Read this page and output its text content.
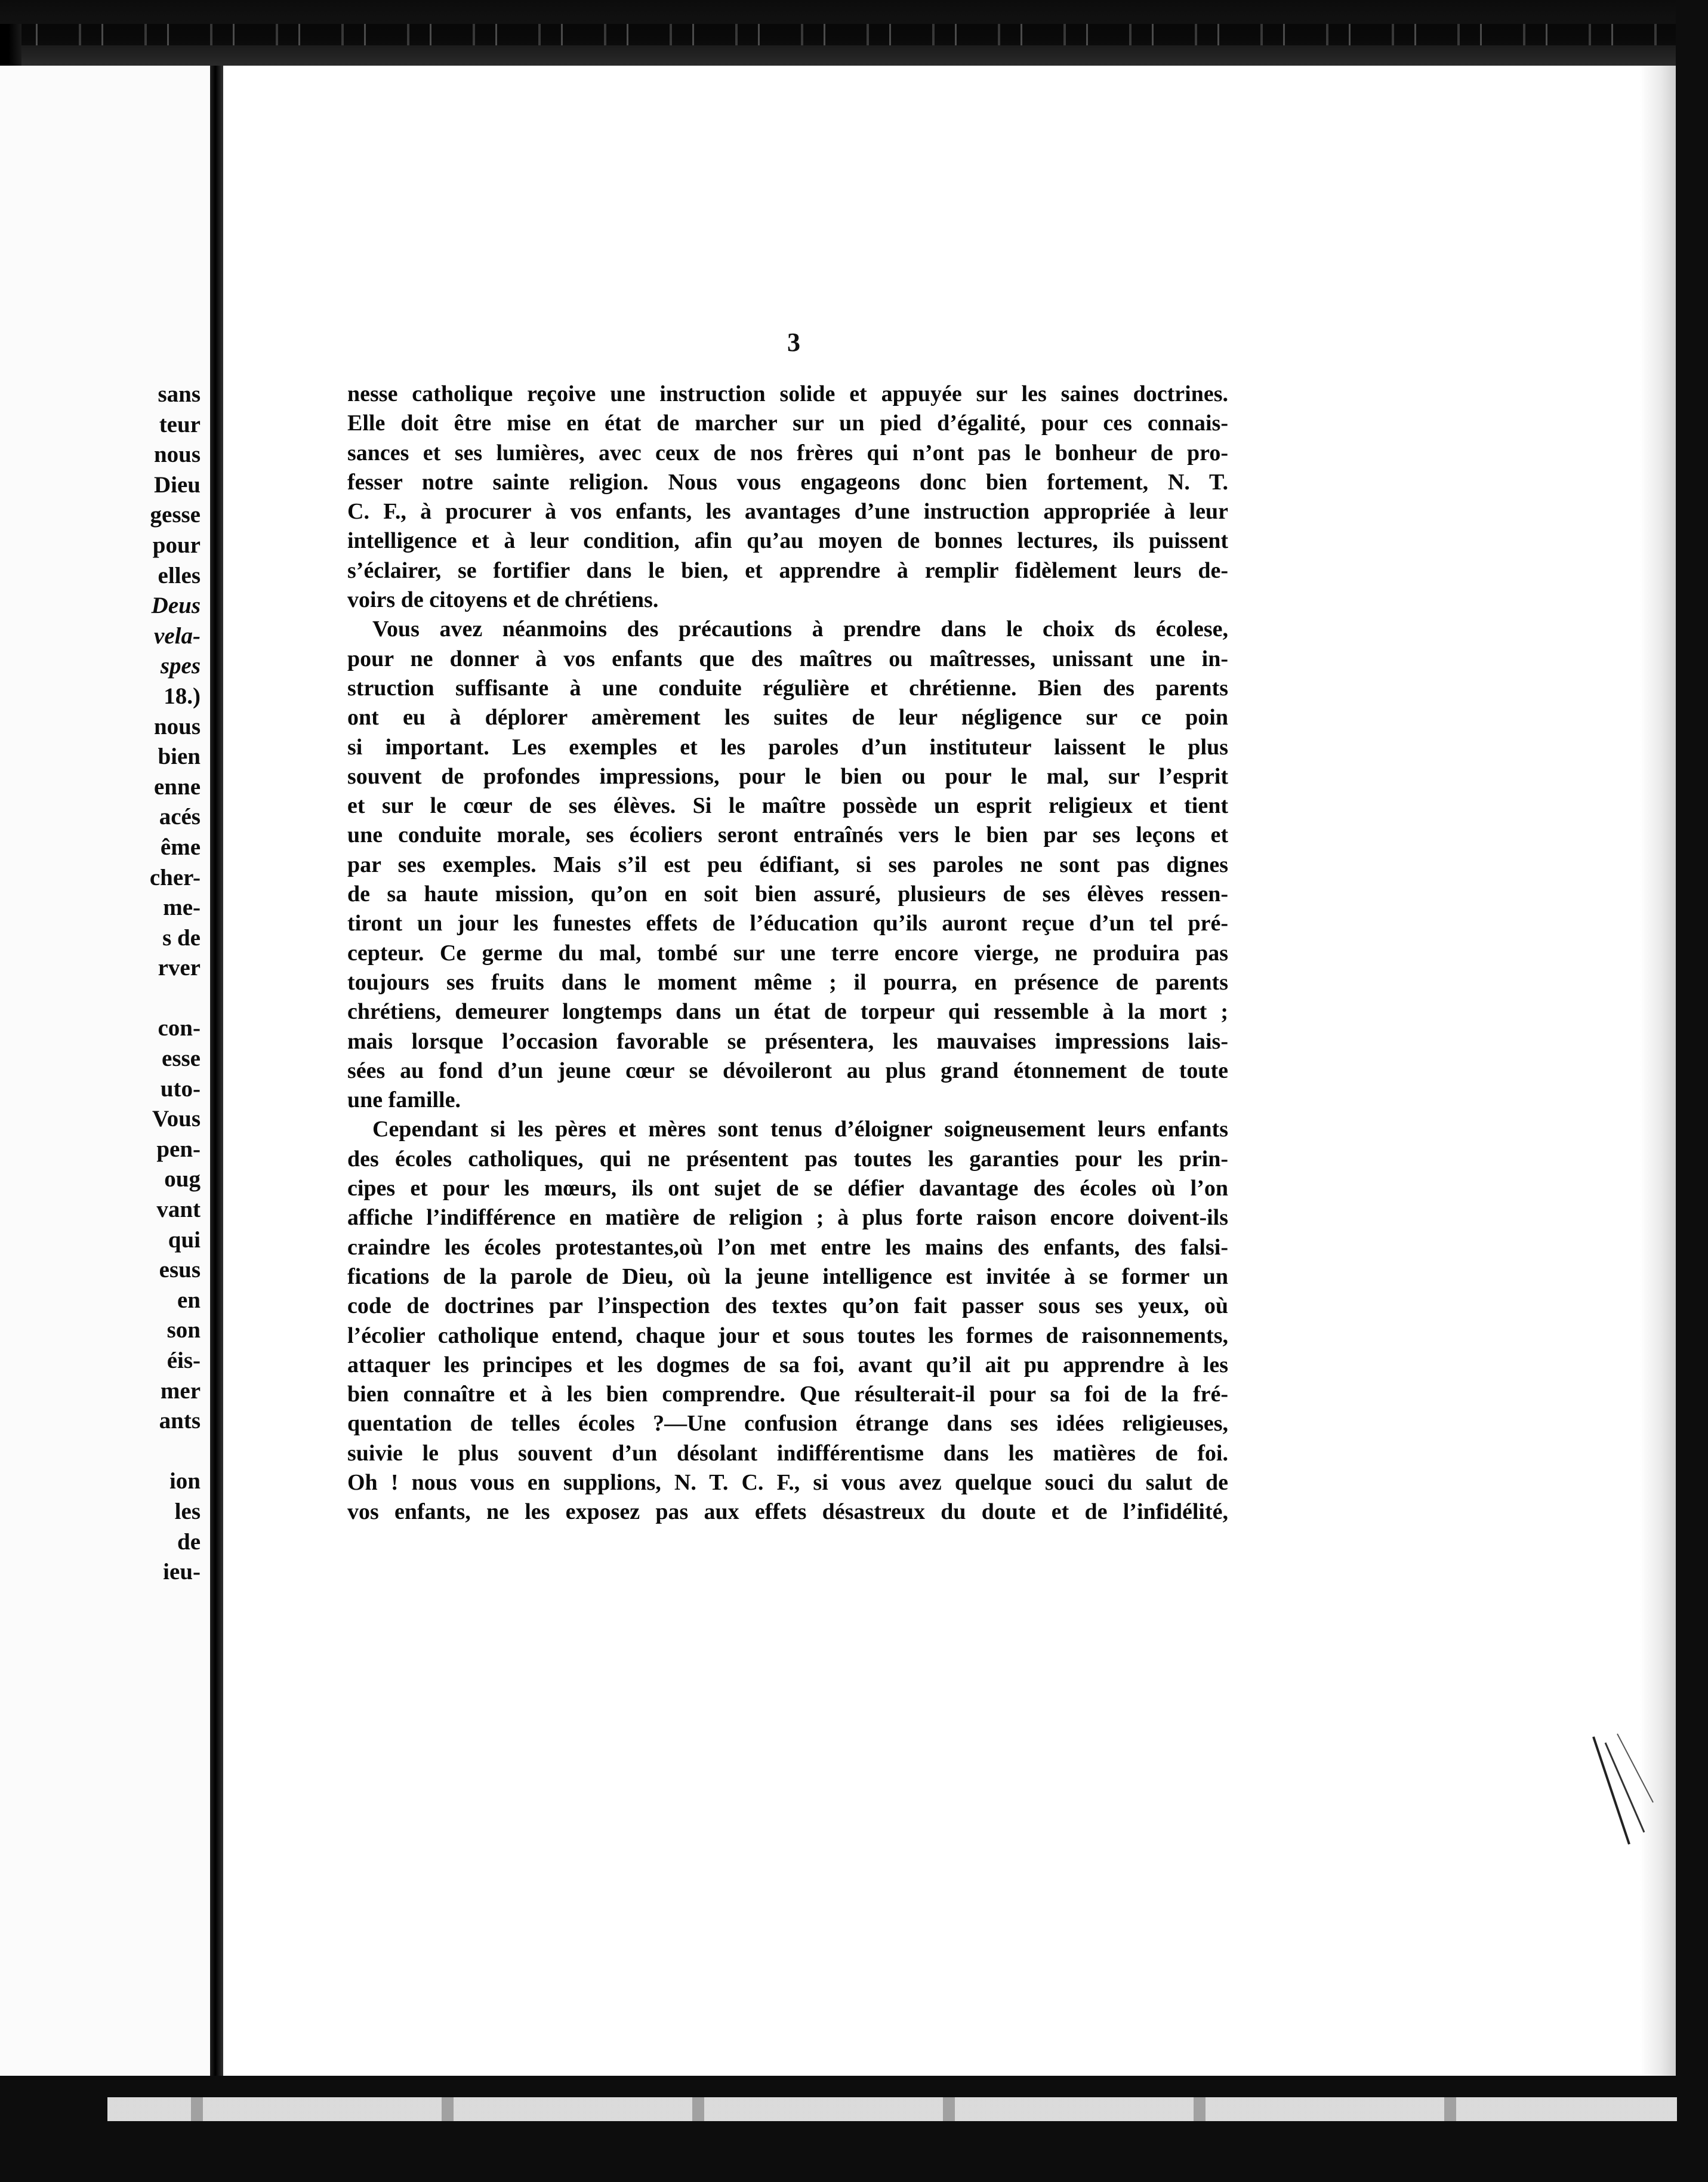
sans
teur
nous
Dieu
gesse
pour
elles
Deus
vela-
spes
18.)
nous
bien
enne
acés
ême
cher-
me-
s de
rver
con-
esse
uto-
Vous
pen-
oug
vant
qui
esus
en
son
éis-
mer
ants
ion
les
de
ieu-
3
nesse catholique reçoive une instruction solide et appuyée sur les saines doctrines.
Elle doit être mise en état de marcher sur un pied d’égalité, pour ces connais-
sances et ses lumières, avec ceux de nos frères qui n’ont pas le bonheur de pro-
fesser notre sainte religion. Nous vous engageons donc bien fortement, N. T.
C. F., à procurer à vos enfants, les avantages d’une instruction appropriée à leur
intelligence et à leur condition, afin qu’au moyen de bonnes lectures, ils puissent
s’éclairer, se fortifier dans le bien, et apprendre à remplir fidèlement leurs de-
voirs de citoyens et de chrétiens.
Vous avez néanmoins des précautions à prendre dans le choix ds écolese,
pour ne donner à vos enfants que des maîtres ou maîtresses, unissant une in-
struction suffisante à une conduite régulière et chrétienne. Bien des parents
ont eu à déplorer amèrement les suites de leur négligence sur ce poin
si important. Les exemples et les paroles d’un instituteur laissent le plus
souvent de profondes impressions, pour le bien ou pour le mal, sur l’esprit
et sur le cœur de ses élèves. Si le maître possède un esprit religieux et tient
une conduite morale, ses écoliers seront entraînés vers le bien par ses leçons et
par ses exemples. Mais s’il est peu édifiant, si ses paroles ne sont pas dignes
de sa haute mission, qu’on en soit bien assuré, plusieurs de ses élèves ressen-
tiront un jour les funestes effets de l’éducation qu’ils auront reçue d’un tel pré-
cepteur. Ce germe du mal, tombé sur une terre encore vierge, ne produira pas
toujours ses fruits dans le moment même ; il pourra, en présence de parents
chrétiens, demeurer longtemps dans un état de torpeur qui ressemble à la mort ;
mais lorsque l’occasion favorable se présentera, les mauvaises impressions lais-
sées au fond d’un jeune cœur se dévoileront au plus grand étonnement de toute
une famille.
Cependant si les pères et mères sont tenus d’éloigner soigneusement leurs enfants
des écoles catholiques, qui ne présentent pas toutes les garanties pour les prin-
cipes et pour les mœurs, ils ont sujet de se défier davantage des écoles où l’on
affiche l’indifférence en matière de religion ; à plus forte raison encore doivent-ils
craindre les écoles protestantes,où l’on met entre les mains des enfants, des falsi-
fications de la parole de Dieu, où la jeune intelligence est invitée à se former un
code de doctrines par l’inspection des textes qu’on fait passer sous ses yeux, où
l’écolier catholique entend, chaque jour et sous toutes les formes de raisonnements,
attaquer les principes et les dogmes de sa foi, avant qu’il ait pu apprendre à les
bien connaître et à les bien comprendre. Que résulterait-il pour sa foi de la fré-
quentation de telles écoles ?—Une confusion étrange dans ses idées religieuses,
suivie le plus souvent d’un désolant indifférentisme dans les matières de foi.
Oh ! nous vous en supplions, N. T. C. F., si vous avez quelque souci du salut de
vos enfants, ne les exposez pas aux effets désastreux du doute et de l’infidélité,
